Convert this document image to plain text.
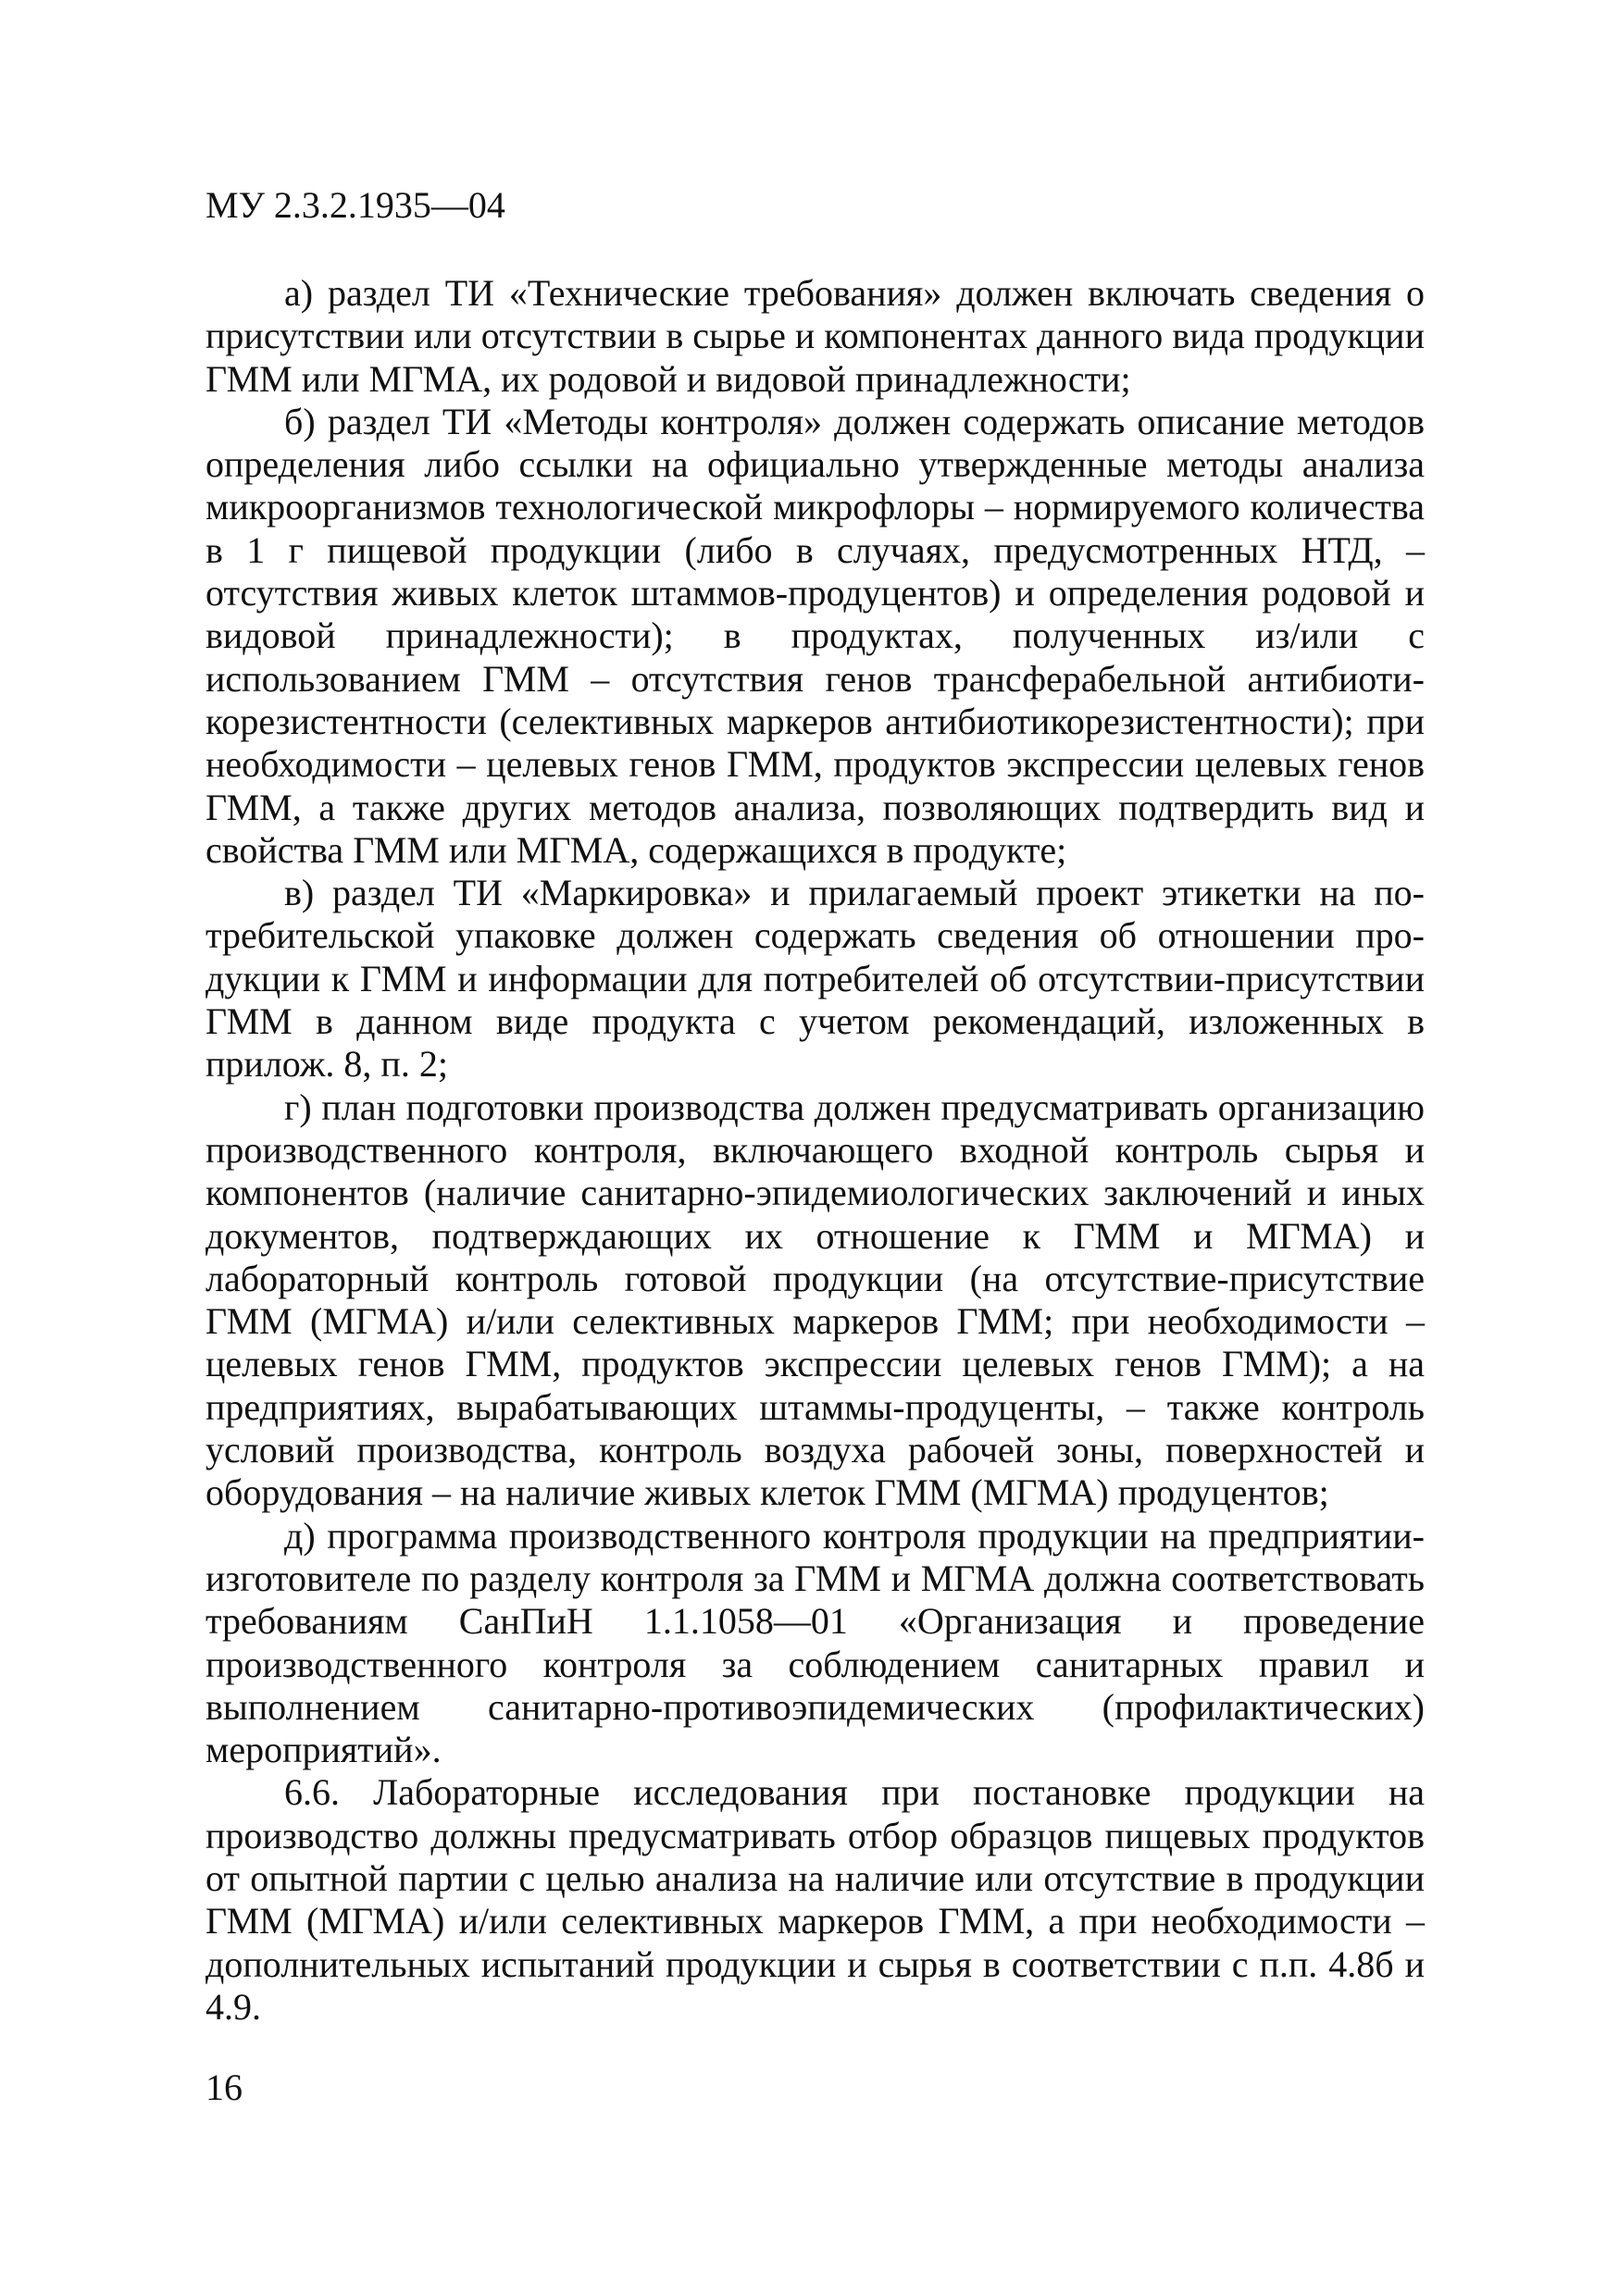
МУ 2.3.2.1935—04

а) раздел ТИ «Технические требования» должен включать сведения о присутствии или отсутствии в сырье и компонентах данного вида продукции ГММ или МГМА, их родовой и видовой принадлежности;

б) раздел ТИ «Методы контроля» должен содержать описание методов определения либо ссылки на официально утвержденные методы анализа микроорганизмов технологической микрофлоры – нормируемого количества в 1 г пищевой продукции (либо в случаях, предусмотренных НТД, – отсутствия живых клеток штаммов-продуцентов) и определения родовой и видовой принадлежности); в продуктах, полученных из/или с использованием ГММ – отсутствия генов трансферабельной антибиотикорезистентности (селективных маркеров антибиотикорезистентности); при необходимости – целевых генов ГММ, продуктов экспрессии целевых генов ГММ, а также других методов анализа, позволяющих подтвердить вид и свойства ГММ или МГМА, содержащихся в продукте;

в) раздел ТИ «Маркировка» и прилагаемый проект этикетки на потребительской упаковке должен содержать сведения об отношении продукции к ГММ и информации для потребителей об отсутствии-присутствии ГММ в данном виде продукта с учетом рекомендаций, изложенных в прилож. 8, п. 2;

г) план подготовки производства должен предусматривать организацию производственного контроля, включающего входной контроль сырья и компонентов (наличие санитарно-эпидемиологических заключений и иных документов, подтверждающих их отношение к ГММ и МГМА) и лабораторный контроль готовой продукции (на отсутствие-присутствие ГММ (МГМА) и/или селективных маркеров ГММ; при необходимости – целевых генов ГММ, продуктов экспрессии целевых генов ГММ); а на предприятиях, вырабатывающих штаммы-продуценты, – также контроль условий производства, контроль воздуха рабочей зоны, поверхностей и оборудования – на наличие живых клеток ГММ (МГМА) продуцентов;

д) программа производственного контроля продукции на предприятии-изготовителе по разделу контроля за ГММ и МГМА должна соответствовать требованиям СанПиН 1.1.1058—01 «Организация и проведение производственного контроля за соблюдением санитарных правил и выполнением санитарно-противоэпидемических (профилактических) мероприятий».

6.6. Лабораторные исследования при постановке продукции на производство должны предусматривать отбор образцов пищевых продуктов от опытной партии с целью анализа на наличие или отсутствие в продукции ГММ (МГМА) и/или селективных маркеров ГММ, а при необходимости – дополнительных испытаний продукции и сырья в соответствии с п.п. 4.8б и 4.9.

16
